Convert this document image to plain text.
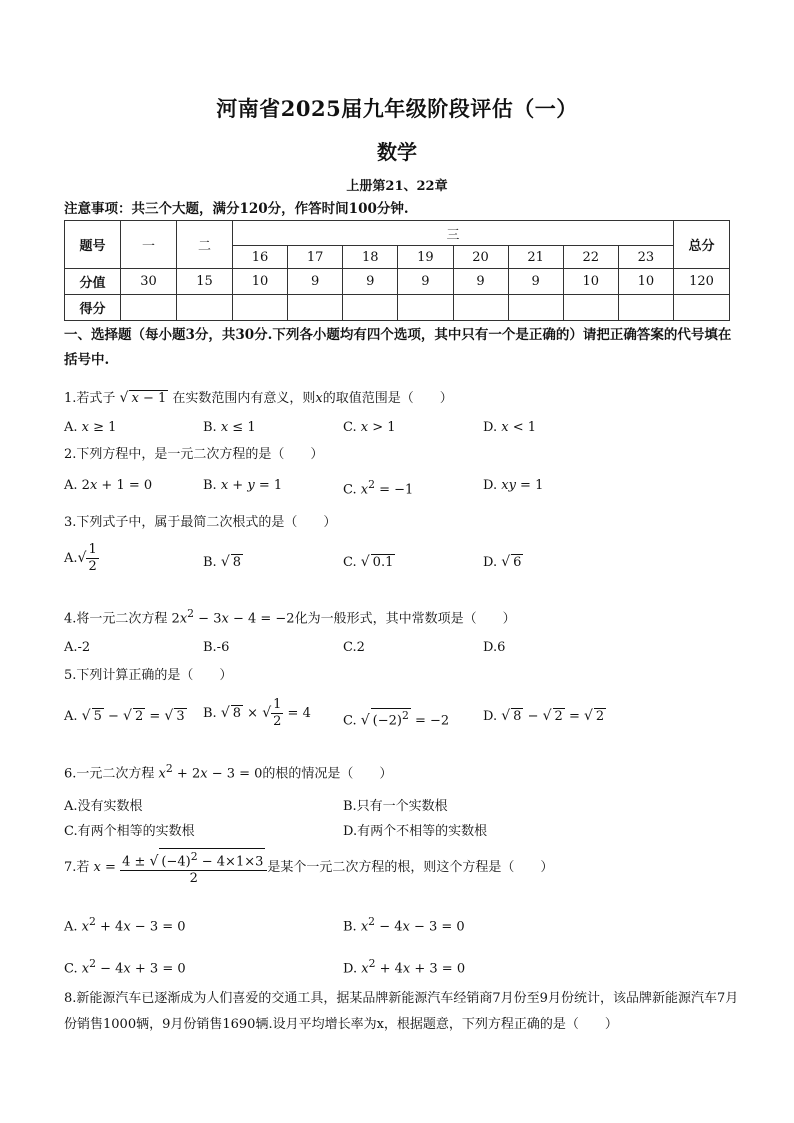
河南省2025届九年级阶段评估（一）
数学
上册第21、22章
注意事项：共三个大题，满分120分，作答时间100分钟.
题号	一	二	三								总分
			16	17	18	19	20	21	22	23	
分值	30	15	10	9	9	9	9	9	10	10	120
得分											
一、选择题（每小题3分，共30分.下列各小题均有四个选项，其中只有一个是正确的）请把正确答案的代号填在括号中.
1.若式子 √ x − 1 在实数范围内有意义，则x的取值范围是（　　）
A. x ≥ 1	B. x ≤ 1	C. x > 1	D. x < 1
2.下列方程中，是一元二次方程的是（　　）
A. 2x + 1 = 0	B. x + y = 1	C. $x^2 = -1$	D. xy = 1
3.下列式子中，属于最简二次根式的是（　　）
$A.√ \frac{1}{2}$	B. √ 8	C. √ 0.1	D. √ 6
4.将一元二次方程 $2x^2 - 3x - 4 = -2$化为一般形式，其中常数项是（　　）
A.-2	B.-6	C.2	D.6
5.下列计算正确的是（　　）
A. √ 5 − √ 2 = √ 3 B. √ 8 × √ $\frac{1}{2} = 4$ C. √ $(-2)^2 = -2$	D. √ 8 − √ 2 = √ 2
6.一元二次方程 $x^2 + 2x - 3 = 0$的根的情况是（　　）
A.没有实数根	B.只有一个实数根
C.有两个相等的实数根	D.有两个不相等的实数根
7.若 $x = \frac{4 \pm √ (-4)^2 - 4\times 1\times 3}{2}$ 是某个一元二次方程的根，则这个方程是（　　）
A. $x^2 + 4x - 3 = 0$	B. $x^2 - 4x - 3 = 0$
C. $x^2 - 4x + 3 = 0$	D. $x^2 + 4x + 3 = 0$
8.新能源汽车已逐渐成为人们喜爱的交通工具，据某品牌新能源汽车经销商7月份至9月份统计，该品牌新能源汽车7月份销售1000辆，9月份销售1690辆.设月平均增长率为x，根据题意，下列方程正确的是（　　）
